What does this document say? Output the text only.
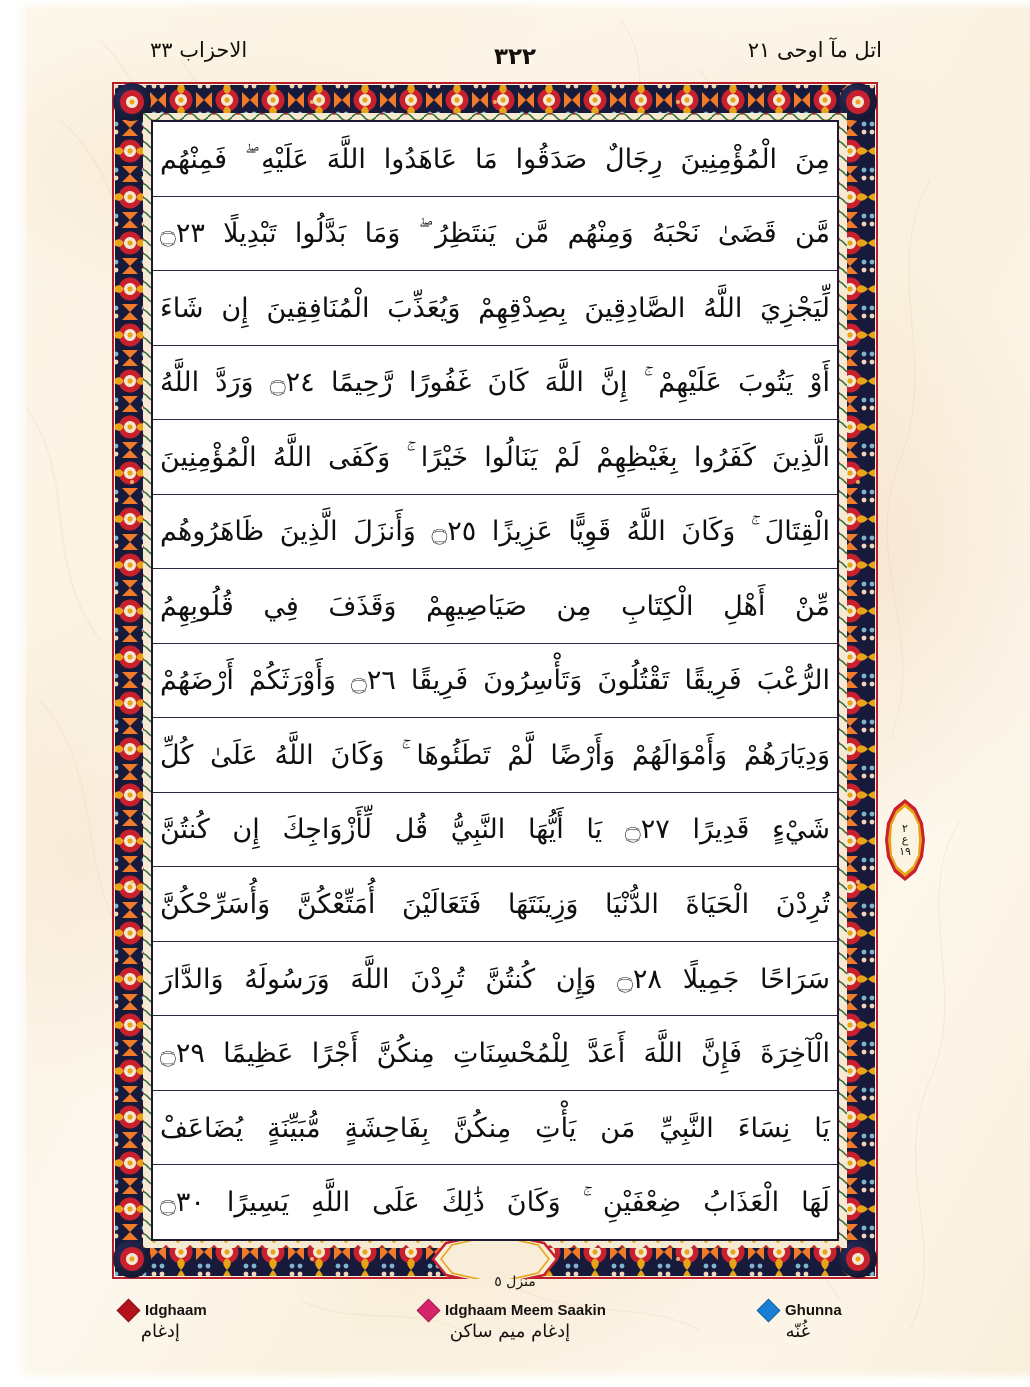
الاحزاب ٣٣	٣٢٢	اتل مآ اوحى ٢١
مِنَ الْمُؤْمِنِينَ رِجَالٌ صَدَقُوا مَا عَاهَدُوا اللَّهَ عَلَيْهِ ۖ فَمِنْهُم
مَّن قَضَىٰ نَحْبَهُ وَمِنْهُم مَّن يَنتَظِرُ ۖ وَمَا بَدَّلُوا تَبْدِيلًا ۝٢٣
لِّيَجْزِيَ اللَّهُ الصَّادِقِينَ بِصِدْقِهِمْ وَيُعَذِّبَ الْمُنَافِقِينَ إِن شَاءَ
أَوْ يَتُوبَ عَلَيْهِمْ ۚ إِنَّ اللَّهَ كَانَ غَفُورًا رَّحِيمًا ۝٢٤ وَرَدَّ اللَّهُ
الَّذِينَ كَفَرُوا بِغَيْظِهِمْ لَمْ يَنَالُوا خَيْرًا ۚ وَكَفَى اللَّهُ الْمُؤْمِنِينَ
الْقِتَالَ ۚ وَكَانَ اللَّهُ قَوِيًّا عَزِيزًا ۝٢٥ وَأَنزَلَ الَّذِينَ ظَاهَرُوهُم
مِّنْ أَهْلِ الْكِتَابِ مِن صَيَاصِيهِمْ وَقَذَفَ فِي قُلُوبِهِمُ
الرُّعْبَ فَرِيقًا تَقْتُلُونَ وَتَأْسِرُونَ فَرِيقًا ۝٢٦ وَأَوْرَثَكُمْ أَرْضَهُمْ
وَدِيَارَهُمْ وَأَمْوَالَهُمْ وَأَرْضًا لَّمْ تَطَئُوهَا ۚ وَكَانَ اللَّهُ عَلَىٰ كُلِّ
شَيْءٍ قَدِيرًا ۝٢٧ يَا أَيُّهَا النَّبِيُّ قُل لِّأَزْوَاجِكَ إِن كُنتُنَّ
تُرِدْنَ الْحَيَاةَ الدُّنْيَا وَزِينَتَهَا فَتَعَالَيْنَ أُمَتِّعْكُنَّ وَأُسَرِّحْكُنَّ
سَرَاحًا جَمِيلًا ۝٢٨ وَإِن كُنتُنَّ تُرِدْنَ اللَّهَ وَرَسُولَهُ وَالدَّارَ
الْآخِرَةَ فَإِنَّ اللَّهَ أَعَدَّ لِلْمُحْسِنَاتِ مِنكُنَّ أَجْرًا عَظِيمًا ۝٢٩
يَا نِسَاءَ النَّبِيِّ مَن يَأْتِ مِنكُنَّ بِفَاحِشَةٍ مُّبَيِّنَةٍ يُضَاعَفْ
لَهَا الْعَذَابُ ضِعْفَيْنِ ۚ وَكَانَ ذَٰلِكَ عَلَى اللَّهِ يَسِيرًا ۝٣٠
منزل ٥
٢
ع
١٩
Idghaam
إدغام
Idghaam Meem Saakin
إدغام ميم ساكن
Ghunna
غُنّه
